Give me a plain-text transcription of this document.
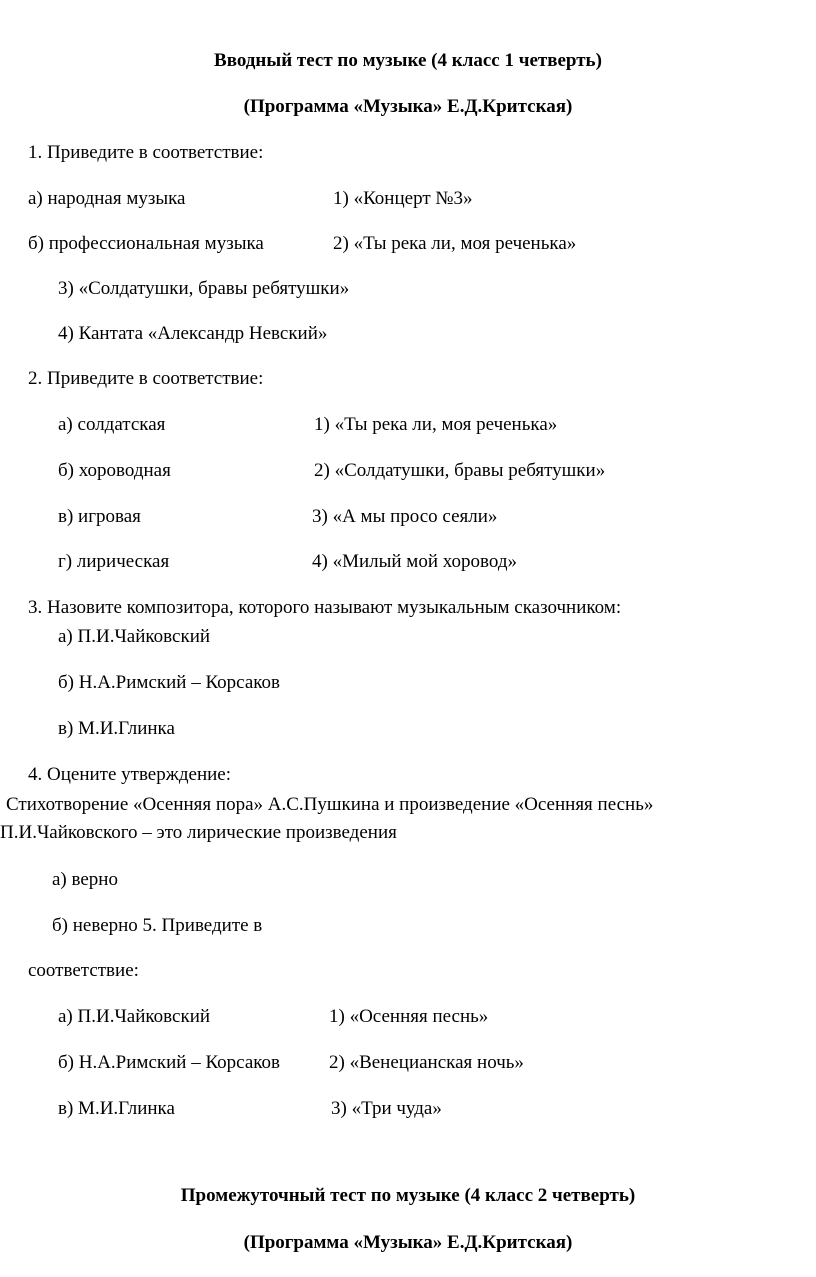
Вводный тест по музыке (4 класс 1 четверть)
(Программа «Музыка» Е.Д.Критская)
1. Приведите в соответствие:
а) народная музыка	1) «Концерт №3»
б) профессиональная музыка	2) «Ты река ли, моя реченька»
3) «Солдатушки, бравы ребятушки»
4) Кантата «Александр Невский»
2. Приведите в соответствие:
а) солдатская	1) «Ты река ли, моя реченька»
б) хороводная	2) «Солдатушки, бравы ребятушки»
в) игровая	3) «А мы просо сеяли»
г) лирическая	4) «Милый мой хоровод»
3. Назовите композитора, которого называют музыкальным сказочником:
а) П.И.Чайковский
б) Н.А.Римский – Корсаков
в) М.И.Глинка
4. Оцените утверждение:
Стихотворение «Осенняя пора» А.С.Пушкина и произведение «Осенняя песнь»
П.И.Чайковского – это лирические произведения
а) верно
б) неверно 5. Приведите в
соответствие:
а) П.И.Чайковский	1) «Осенняя песнь»
б) Н.А.Римский – Корсаков	2) «Венецианская ночь»
в) М.И.Глинка	3) «Три чуда»
Промежуточный тест по музыке (4 класс 2 четверть)
(Программа «Музыка» Е.Д.Критская)
